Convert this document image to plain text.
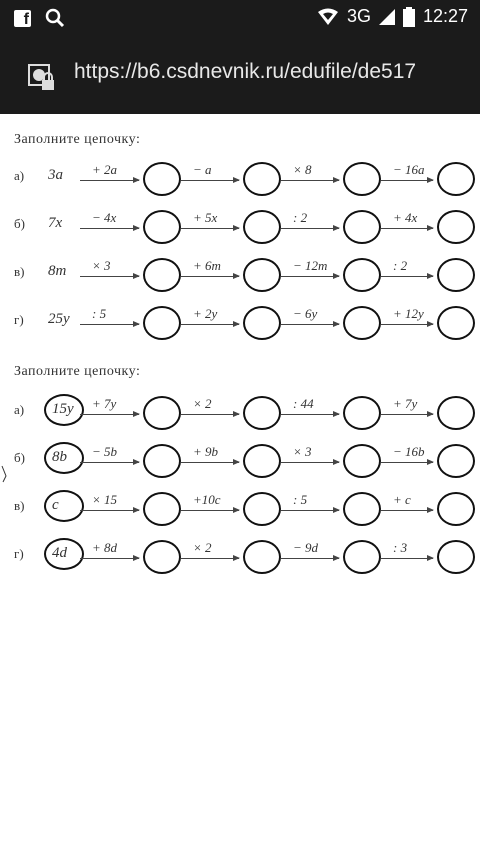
f	3G	12:27
https://b6.csdnevnik.ru/edufile/de517
Заполните цепочку:
а) 3a + 2a	− a	× 8	− 16a
б) 7x − 4x	+ 5x	: 2	+ 4x
в) 8m × 3	+ 6m	− 12m	: 2
г) 25y : 5	+ 2y	− 6y	+ 12y
Заполните цепочку:
а) 15y + 7y	× 2	: 44	+ 7y
б) 8b − 5b	+ 9b	× 3	− 16b
в) c	× 15	+10c	: 5	+ c
г) 4d + 8d	× 2	− 9d	: 3
